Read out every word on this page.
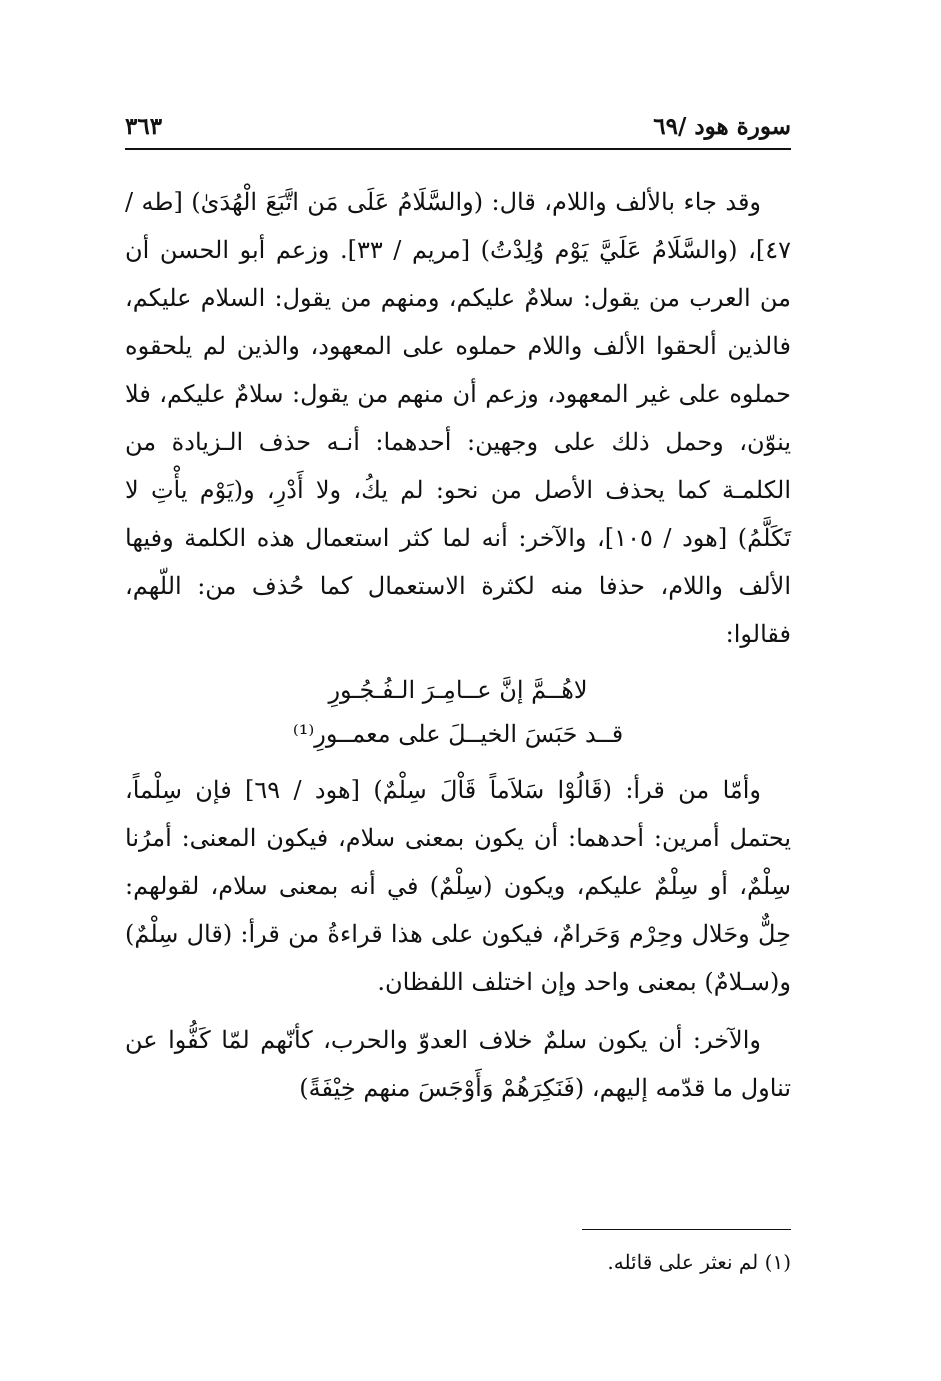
سورة هود /٦٩
٣٦٣

وقد جاء بالألف واللام، قال: (والسَّلَامُ عَلَى مَن اتَّبَعَ الْهُدَىٰ) [طه / ٤٧]، (والسَّلَامُ عَلَيَّ يَوْم وُلِدْتُ) [مريم / ٣٣]. وزعم أبو الحسن أن من العرب من يقول: سلامٌ عليكم، ومنهم من يقول: السلام عليكم، فالذين ألحقوا الألف واللام حملوه على المعهود، والذين لم يلحقوه حملوه على غير المعهود، وزعم أن منهم من يقول: سلامٌ عليكم، فلا ينوّن، وحمل ذلك على وجهين: أحدهما: أنـه حذف الـزيادة من الكلمـة كما يحذف الأصل من نحو: لم يكُ، ولا أَدْرِ، و(يَوْم يأْتِ لا تَكَلَّمُ) [هود / ١٠٥]، والآخر: أنه لما كثر استعمال هذه الكلمة وفيها الألف واللام، حذفا منه لكثرة الاستعمال كما حُذف من: اللّهم، فقالوا:

لاهُــمَّ إنَّ عــامِـرَ الـفُـجُـورِ
قــد حَبَسَ الخيــلَ على معمــورِ⁽¹⁾

وأمّا من قرأ: (قَالُوْا سَلاَماً قَاْلَ سِلْمٌ) [هود / ٦٩] فإن سِلْماً، يحتمل أمرين: أحدهما: أن يكون بمعنى سلام، فيكون المعنى: أمرُنا سِلْمٌ، أو سِلْمٌ عليكم، ويكون (سِلْمٌ) في أنه بمعنى سلام، لقولهم: حِلٌّ وحَلال وحِرْم وَحَرامٌ، فيكون على هذا قراءةُ من قرأ: (قال سِلْمٌ) و(سـلامٌ) بمعنى واحد وإن اختلف اللفظان.

والآخر: أن يكون سلمٌ خلاف العدوّ والحرب، كأنّهم لمّا كَفُّوا عن تناول ما قدّمه إليهم، (فَنَكِرَهُمْ وَأَوْجَسَ منهم خِيْفَةً)

(١) لم نعثر على قائله.
